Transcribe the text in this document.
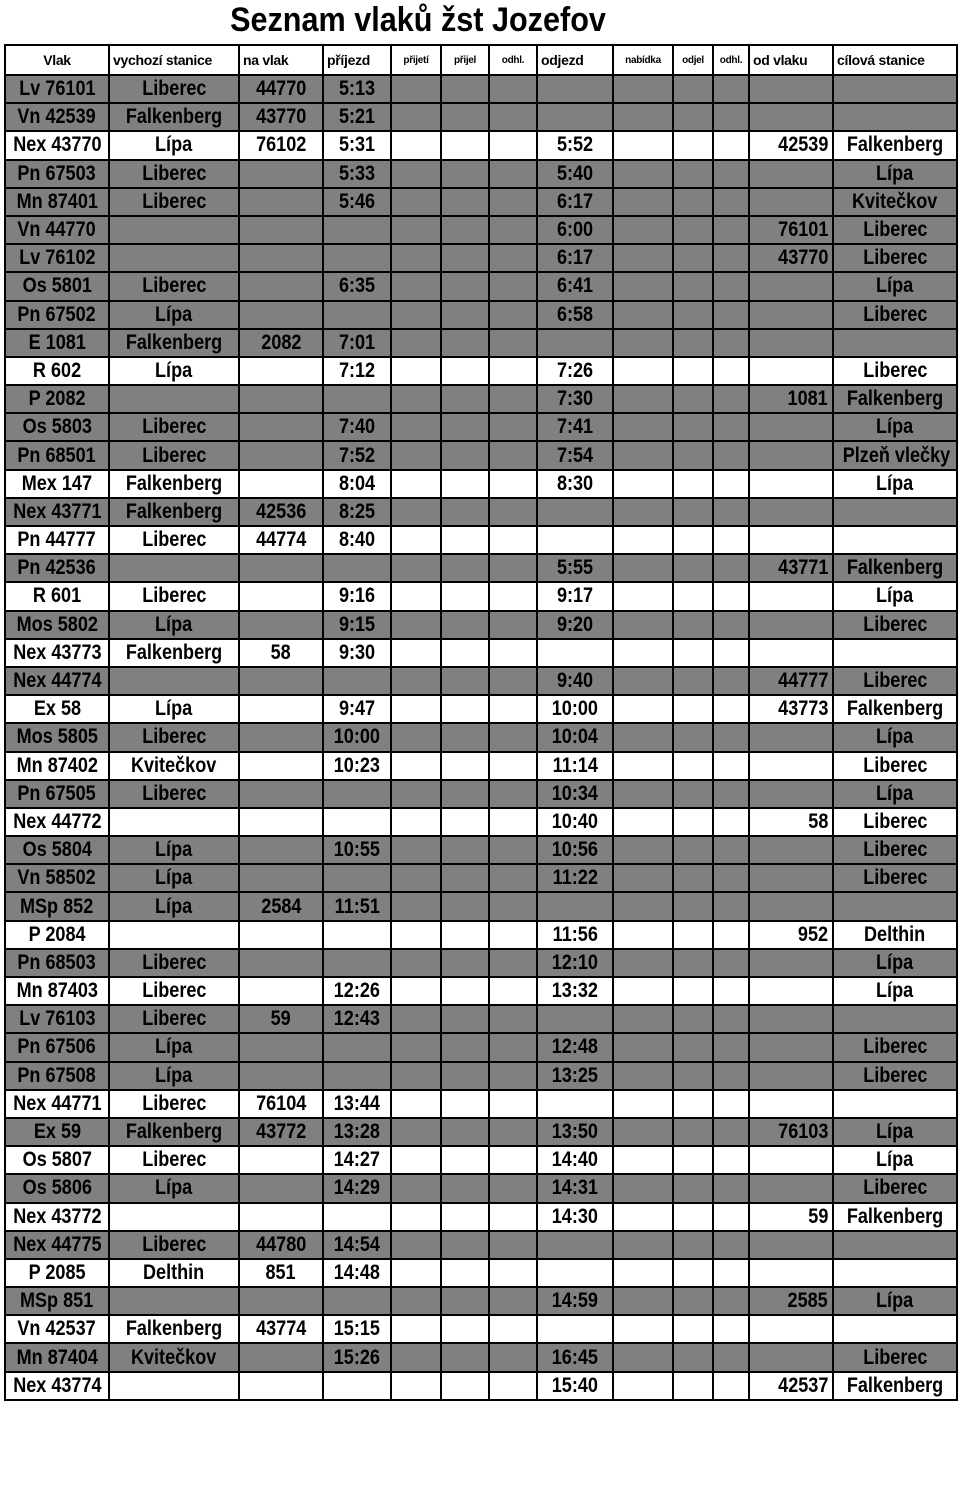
Seznam vlaků žst Jozefov
Vlak	vychozí stanice	na vlak	příjezd	přijetí	přijel	odhl.	odjezd	nabídka	odjel	odhl.	od vlaku	cílová stanice
Lv 76101	Liberec	44770	5:13									
Vn 42539	Falkenberg	43770	5:21									
Nex 43770	Lípa	76102	5:31				5:52				42539	Falkenberg
Pn 67503	Liberec		5:33				5:40					Lípa
Mn 87401	Liberec		5:46				6:17					Kvitečkov
Vn 44770							6:00				76101	Liberec
Lv 76102							6:17				43770	Liberec
Os 5801	Liberec		6:35				6:41					Lípa
Pn 67502	Lípa						6:58					Liberec
E 1081	Falkenberg	2082	7:01									
R 602	Lípa		7:12				7:26					Liberec
P 2082							7:30				1081	Falkenberg
Os 5803	Liberec		7:40				7:41					Lípa
Pn 68501	Liberec		7:52				7:54					Plzeň vlečky
Mex 147	Falkenberg		8:04				8:30					Lípa
Nex 43771	Falkenberg	42536	8:25									
Pn 44777	Liberec	44774	8:40									
Pn 42536							5:55				43771	Falkenberg
R 601	Liberec		9:16				9:17					Lípa
Mos 5802	Lípa		9:15				9:20					Liberec
Nex 43773	Falkenberg	58	9:30									
Nex 44774							9:40				44777	Liberec
Ex 58	Lípa		9:47				10:00				43773	Falkenberg
Mos 5805	Liberec		10:00				10:04					Lípa
Mn 87402	Kvitečkov		10:23				11:14					Liberec
Pn 67505	Liberec						10:34					Lípa
Nex 44772							10:40				58	Liberec
Os 5804	Lípa		10:55				10:56					Liberec
Vn 58502	Lípa						11:22					Liberec
MSp 852	Lípa	2584	11:51									
P 2084							11:56				952	Delthin
Pn 68503	Liberec						12:10					Lípa
Mn 87403	Liberec		12:26				13:32					Lípa
Lv 76103	Liberec	59	12:43									
Pn 67506	Lípa						12:48					Liberec
Pn 67508	Lípa						13:25					Liberec
Nex 44771	Liberec	76104	13:44									
Ex 59	Falkenberg	43772	13:28				13:50				76103	Lípa
Os 5807	Liberec		14:27				14:40					Lípa
Os 5806	Lípa		14:29				14:31					Liberec
Nex 43772							14:30				59	Falkenberg
Nex 44775	Liberec	44780	14:54									
P 2085	Delthin	851	14:48									
MSp 851							14:59				2585	Lípa
Vn 42537	Falkenberg	43774	15:15									
Mn 87404	Kvitečkov		15:26				16:45					Liberec
Nex 43774							15:40				42537	Falkenberg
